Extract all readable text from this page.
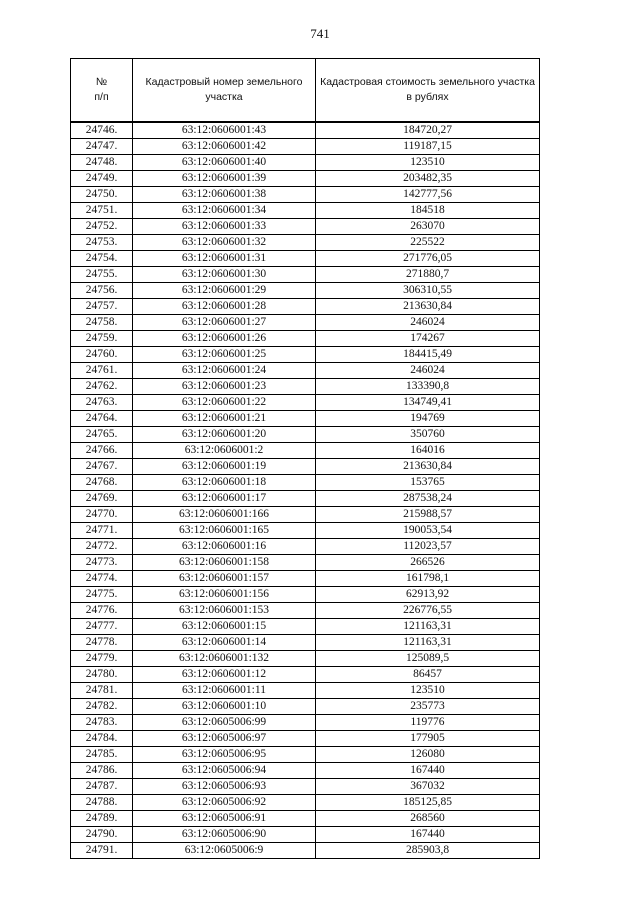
741
№
п/п	Кадастровый номер земельного участка	Кадастровая стоимость земельного участка в рублях
24746.	63:12:0606001:43	184720,27
24747.	63:12:0606001:42	119187,15
24748.	63:12:0606001:40	123510
24749.	63:12:0606001:39	203482,35
24750.	63:12:0606001:38	142777,56
24751.	63:12:0606001:34	184518
24752.	63:12:0606001:33	263070
24753.	63:12:0606001:32	225522
24754.	63:12:0606001:31	271776,05
24755.	63:12:0606001:30	271880,7
24756.	63:12:0606001:29	306310,55
24757.	63:12:0606001:28	213630,84
24758.	63:12:0606001:27	246024
24759.	63:12:0606001:26	174267
24760.	63:12:0606001:25	184415,49
24761.	63:12:0606001:24	246024
24762.	63:12:0606001:23	133390,8
24763.	63:12:0606001:22	134749,41
24764.	63:12:0606001:21	194769
24765.	63:12:0606001:20	350760
24766.	63:12:0606001:2	164016
24767.	63:12:0606001:19	213630,84
24768.	63:12:0606001:18	153765
24769.	63:12:0606001:17	287538,24
24770.	63:12:0606001:166	215988,57
24771.	63:12:0606001:165	190053,54
24772.	63:12:0606001:16	112023,57
24773.	63:12:0606001:158	266526
24774.	63:12:0606001:157	161798,1
24775.	63:12:0606001:156	62913,92
24776.	63:12:0606001:153	226776,55
24777.	63:12:0606001:15	121163,31
24778.	63:12:0606001:14	121163,31
24779.	63:12:0606001:132	125089,5
24780.	63:12:0606001:12	86457
24781.	63:12:0606001:11	123510
24782.	63:12:0606001:10	235773
24783.	63:12:0605006:99	119776
24784.	63:12:0605006:97	177905
24785.	63:12:0605006:95	126080
24786.	63:12:0605006:94	167440
24787.	63:12:0605006:93	367032
24788.	63:12:0605006:92	185125,85
24789.	63:12:0605006:91	268560
24790.	63:12:0605006:90	167440
24791.	63:12:0605006:9	285903,8
